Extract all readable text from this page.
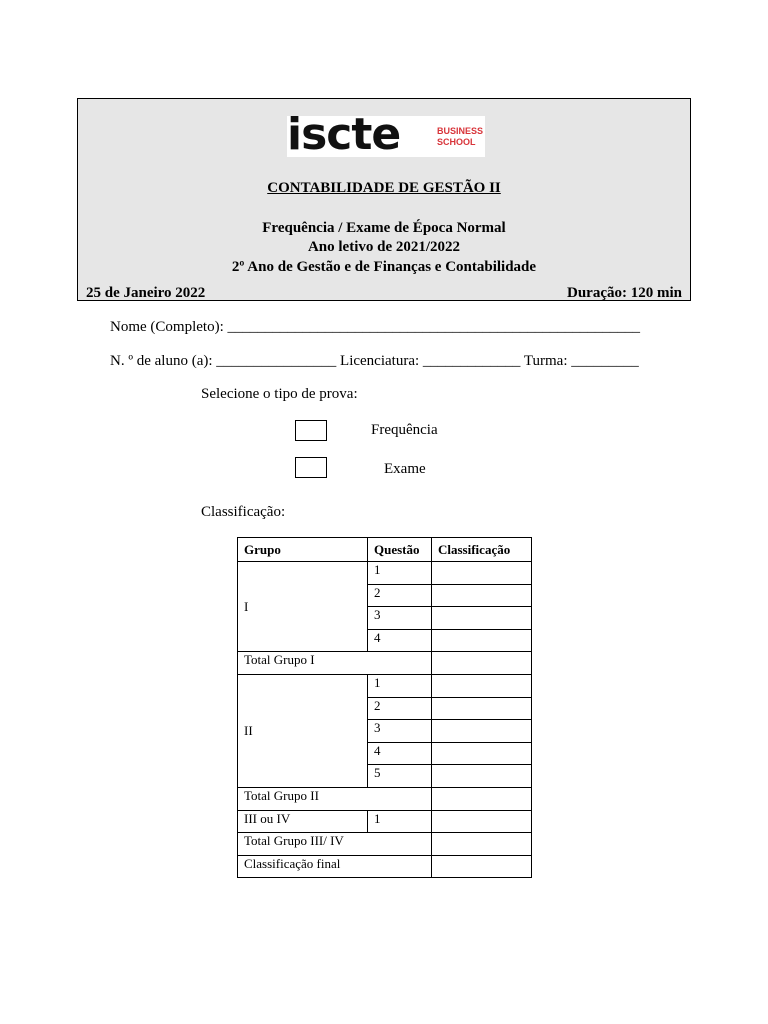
iscte	BUSINESS
SCHOOL
CONTABILIDADE DE GESTÃO II
Frequência / Exame de Época Normal
Ano letivo de 2021/2022
2º Ano de Gestão e de Finanças e Contabilidade
25 de Janeiro 2022	Duração: 120 min
Nome (Completo): _______________________________________________________
N. º de aluno (a): ________________ Licenciatura: _____________ Turma: _________
Selecione o tipo de prova:
Frequência
Exame
Classificação:
Grupo	Questão	Classificação
I	1	
	2	
	3	
	4	
Total Grupo I		
II	1	
	2	
	3	
	4	
	5	
Total Grupo II		
III ou IV	1	
Total Grupo III/ IV		
Classificação final		
